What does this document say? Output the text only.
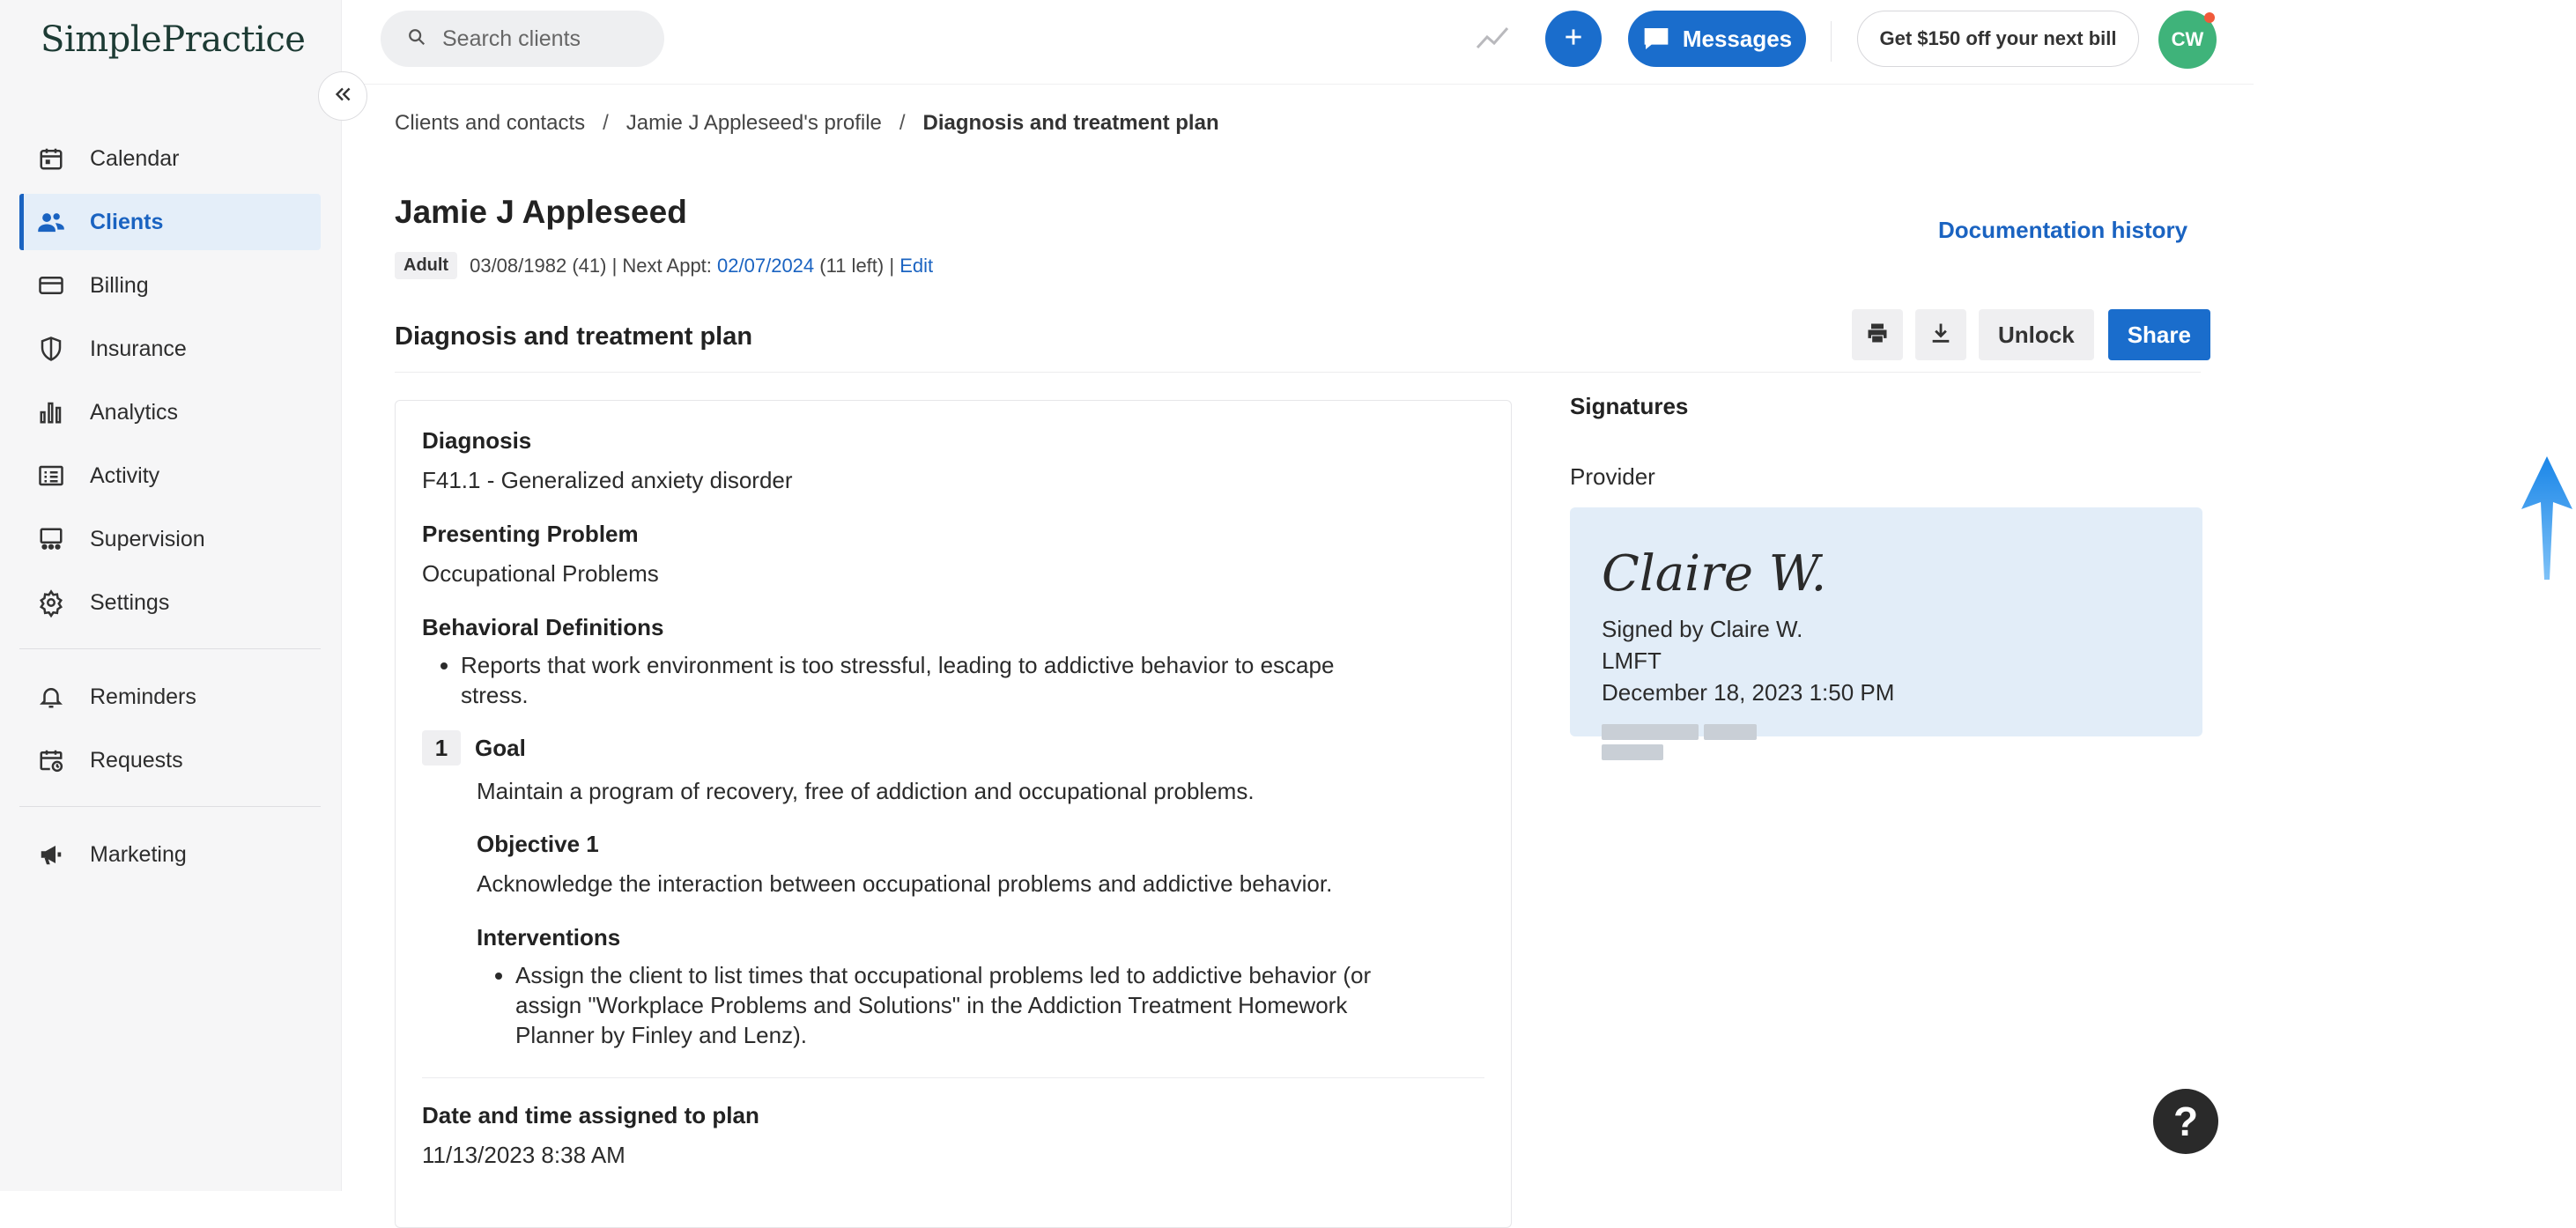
SimplePractice
Calendar
Clients
Billing
Insurance
Analytics
Activity
Supervision
Settings
Reminders
Requests
Marketing
Search clients
Messages	Get $150 off your next bill	CW
Clients and contacts / Jamie J Appleseed's profile / Diagnosis and treatment plan
Jamie J Appleseed
Adult	03/08/1982 (41)
|
Next Appt:
02/07/2024
(11 left)
|
Edit
Documentation history
Diagnosis and treatment plan	Unlock	Share
Diagnosis
F41.1 - Generalized anxiety disorder
Presenting Problem
Occupational Problems
Behavioral Definitions
• Reports that work environment is too stressful, leading to addictive behavior to escape stress.
1	Goal
Maintain a program of recovery, free of addiction and occupational problems.
Objective 1
Acknowledge the interaction between occupational problems and addictive behavior.
Interventions
• Assign the client to list times that occupational problems led to addictive behavior (or assign "Workplace Problems and Solutions" in the Addiction Treatment Homework Planner by Finley and Lenz).
Date and time assigned to plan
11/13/2023 8:38 AM
Signatures
Provider
Claire W.
Signed by Claire W.
LMFT
December 18, 2023 1:50 PM
?
